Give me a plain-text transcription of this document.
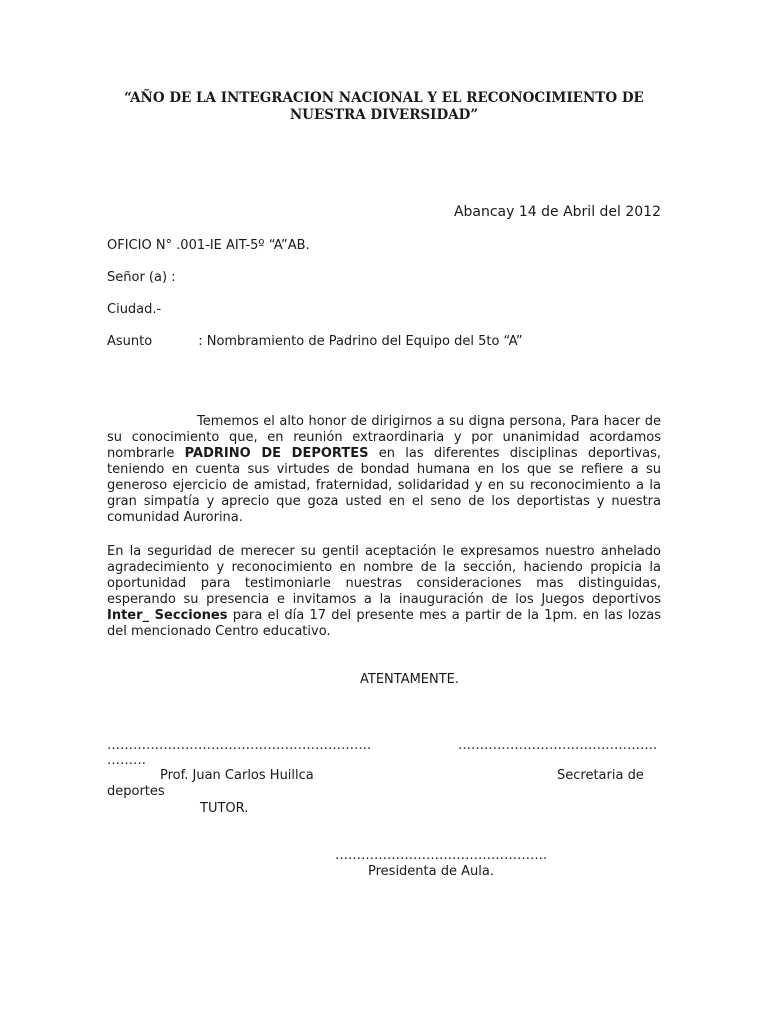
“AÑO DE LA INTEGRACION NACIONAL Y EL RECONOCIMIENTO DE
NUESTRA DIVERSIDAD”
Abancay 14 de Abril del 2012
OFICIO N° .001-IE AIT-5º “A”AB.
Señor (a) :
Ciudad.-
Asunto	: Nombramiento de Padrino del Equipo del 5to “A”
Tememos el alto honor de dirigirnos a su digna persona, Para hacer de su conocimiento que, en reunión extraordinaria y por unanimidad acordamos nombrarle PADRINO DE DEPORTES en las diferentes disciplinas deportivas, teniendo en cuenta sus virtudes de bondad humana en los que se refiere a su generoso ejercicio de amistad, fraternidad, solidaridad y en su reconocimiento a la gran simpatía y aprecio que goza usted en el seno de los deportistas y nuestra comunidad Aurorina.
En la seguridad de merecer su gentil aceptación le expresamos nuestro anhelado agradecimiento y reconocimiento en nombre de la sección, haciendo propicia la oportunidad para testimoniarle nuestras consideraciones mas distinguidas, esperando su presencia e invitamos a la inauguración de los Juegos deportivos Inter_ Secciones para el día 17 del presente mes a partir de la 1pm. en las lozas del mencionado Centro educativo.
ATENTAMENTE.
…………………………………………………….	……………………………………….
………
Prof. Juan Carlos Huillca	Secretaria de
deportes
TUTOR.
………………………………………….
Presidenta de Aula.
